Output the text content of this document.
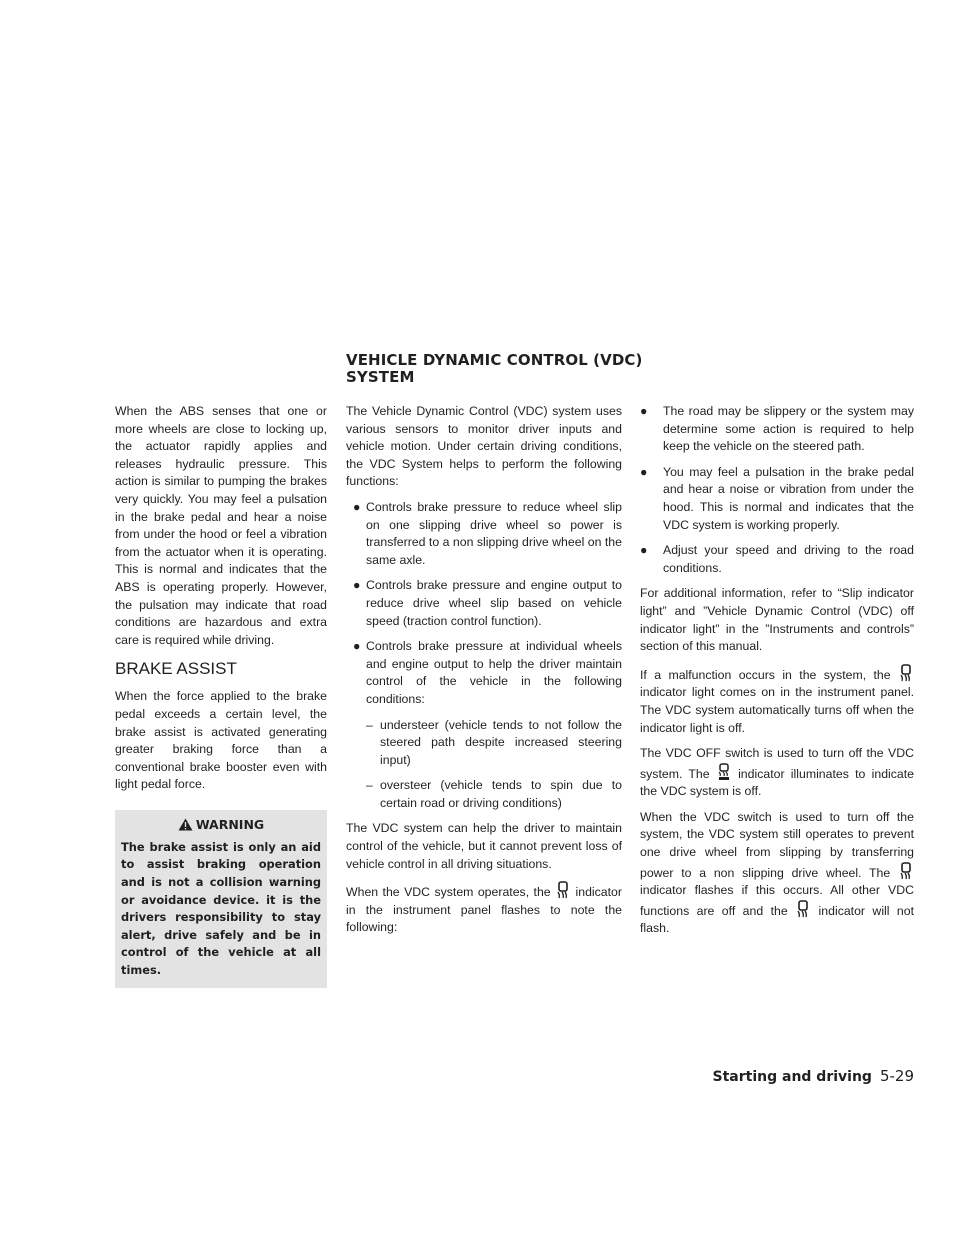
When the ABS senses that one or more wheels are close to locking up, the actuator rapidly applies and releases hydraulic pressure. This action is similar to pumping the brakes very quickly. You may feel a pulsation in the brake pedal and hear a noise from under the hood or feel a vibration from the actuator when it is operating. This is normal and indicates that the ABS is operating properly. However, the pulsation may indicate that road conditions are hazardous and extra care is required while driving.

BRAKE ASSIST

When the force applied to the brake pedal exceeds a certain level, the brake assist is activated generating greater braking force than a conventional brake booster even with light pedal force.

WARNING
The brake assist is only an aid to assist braking operation and is not a collision warning or avoidance device. it is the drivers responsibility to stay alert, drive safely and be in control of the vehicle at all times.
VEHICLE DYNAMIC CONTROL (VDC) SYSTEM

The Vehicle Dynamic Control (VDC) system uses various sensors to monitor driver inputs and vehicle motion. Under certain driving conditions, the VDC System helps to perform the following functions:

● Controls brake pressure to reduce wheel slip on one slipping drive wheel so power is transferred to a non slipping drive wheel on the same axle.
● Controls brake pressure and engine output to reduce drive wheel slip based on vehicle speed (traction control function).
● Controls brake pressure at individual wheels and engine output to help the driver maintain control of the vehicle in the following conditions:
– understeer (vehicle tends to not follow the steered path despite increased steering input)
– oversteer (vehicle tends to spin due to certain road or driving conditions)

The VDC system can help the driver to maintain control of the vehicle, but it cannot prevent loss of vehicle control in all driving situations.

When the VDC system operates, the indicator in the instrument panel flashes to note the following:

● The road may be slippery or the system may determine some action is required to help keep the vehicle on the steered path.
● You may feel a pulsation in the brake pedal and hear a noise or vibration from under the hood. This is normal and indicates that the VDC system is working properly.
● Adjust your speed and driving to the road conditions.

For additional information, refer to “Slip indicator light” and ”Vehicle Dynamic Control (VDC) off indicator light” in the ”Instruments and controls” section of this manual.

If a malfunction occurs in the system, the  indicator light comes on in the instrument panel. The VDC system automatically turns off when the indicator light is off.

The VDC OFF switch is used to turn off the VDC system. The indicator illuminates to indicate the VDC system is off.

When the VDC switch is used to turn off the system, the VDC system still operates to prevent one drive wheel from slipping by transferring power to a non slipping drive wheel. The  indicator flashes if this occurs. All other VDC functions are off and the	indicator will not flash.

Starting and driving 5-29
